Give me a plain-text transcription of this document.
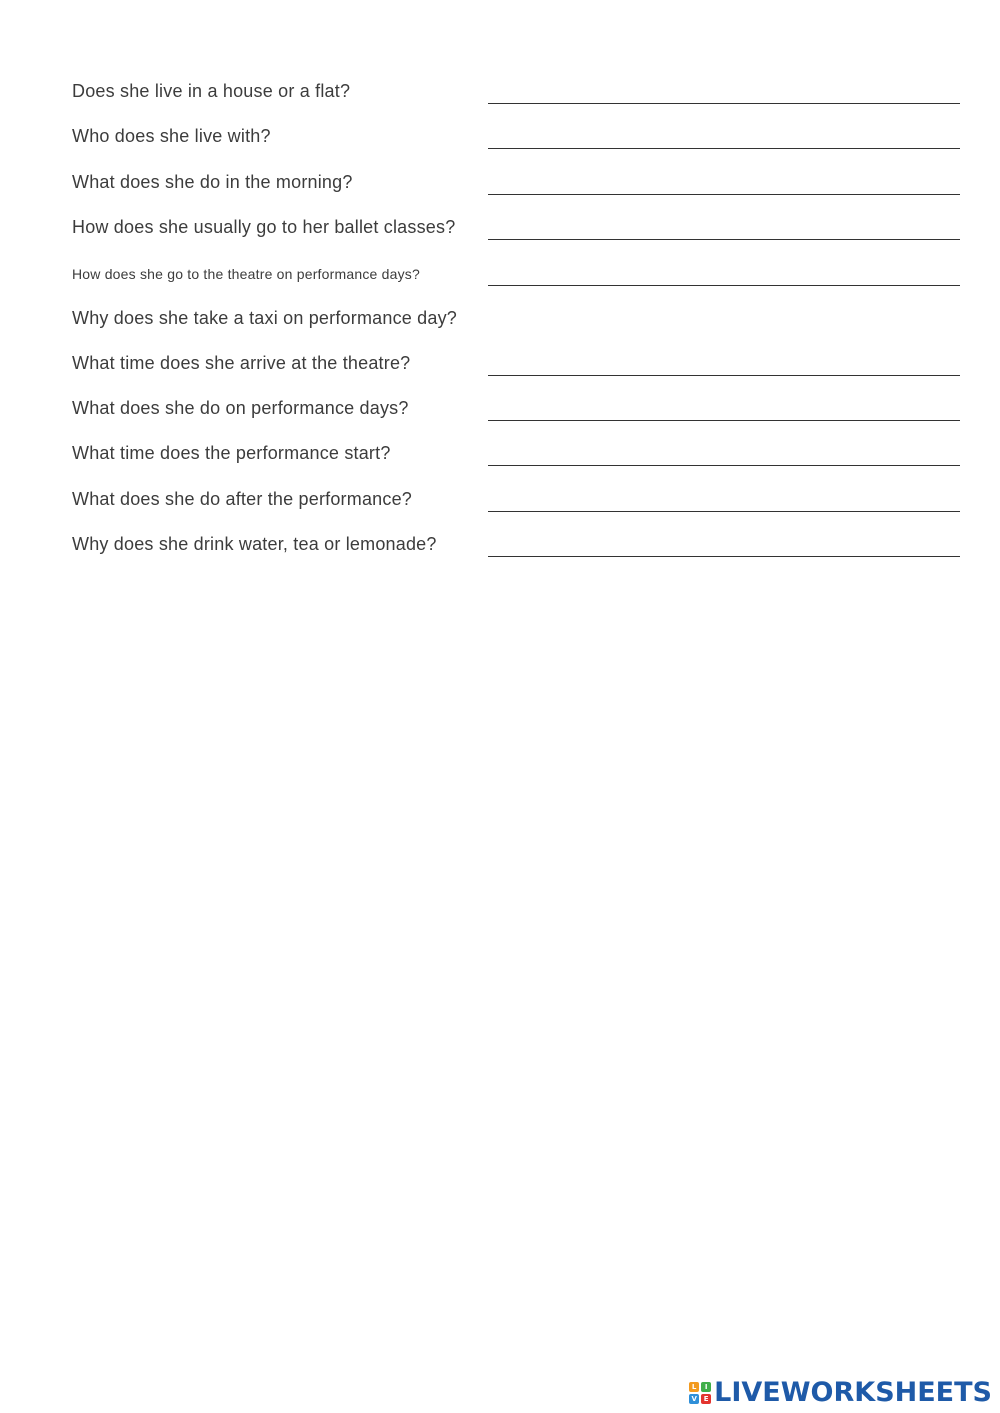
Does she live in a house or a flat?
Who does she live with?
What does she do in the morning?
How does she usually go to her ballet classes?
How does she go to the theatre on performance days?
Why does she take a taxi on performance day?
What time does she arrive at the theatre?
What does she do on performance days?
What time does the performance start?
What does she do after the performance?
Why does she drink water, tea or lemonade?
L	I
V E LIVEWORKSHEETS
